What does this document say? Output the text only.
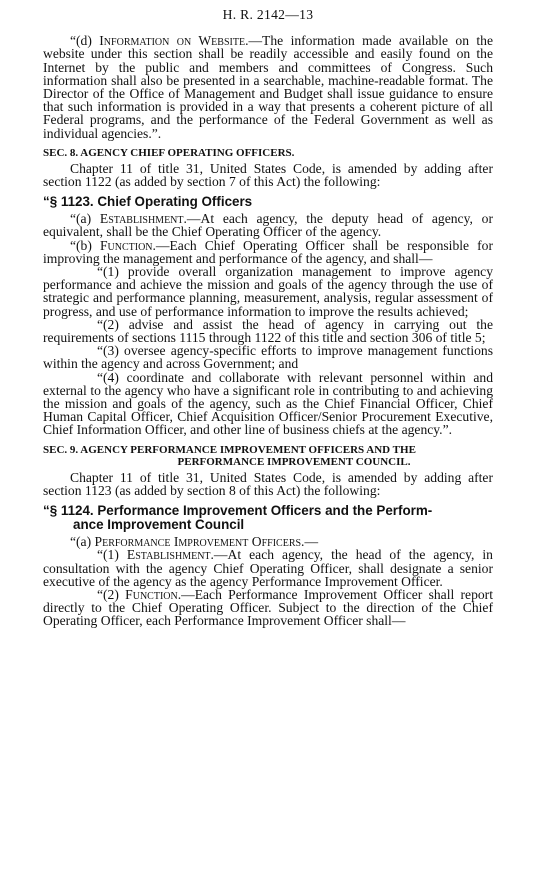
H. R. 2142—13

“(d) Information on Website.—The information made available on the website under this section shall be readily accessible and easily found on the Internet by the public and members and committees of Congress. Such information shall also be presented in a searchable, machine-readable format. The Director of the Office of Management and Budget shall issue guidance to ensure that such information is provided in a way that presents a coherent picture of all Federal programs, and the performance of the Federal Government as well as individual agencies.”.

SEC. 8. AGENCY CHIEF OPERATING OFFICERS.

Chapter 11 of title 31, United States Code, is amended by adding after section 1122 (as added by section 7 of this Act) the following:

“§ 1123. Chief Operating Officers

“(a) Establishment.—At each agency, the deputy head of agency, or equivalent, shall be the Chief Operating Officer of the agency.

“(b) Function.—Each Chief Operating Officer shall be responsible for improving the management and performance of the agency, and shall—

“(1) provide overall organization management to improve agency performance and achieve the mission and goals of the agency through the use of strategic and performance planning, measurement, analysis, regular assessment of progress, and use of performance information to improve the results achieved;

“(2) advise and assist the head of agency in carrying out the requirements of sections 1115 through 1122 of this title and section 306 of title 5;

“(3) oversee agency-specific efforts to improve management functions within the agency and across Government; and

“(4) coordinate and collaborate with relevant personnel within and external to the agency who have a significant role in contributing to and achieving the mission and goals of the agency, such as the Chief Financial Officer, Chief Human Capital Officer, Chief Acquisition Officer/Senior Procurement Executive, Chief Information Officer, and other line of business chiefs at the agency.”.

SEC. 9. AGENCY PERFORMANCE IMPROVEMENT OFFICERS AND THE
PERFORMANCE IMPROVEMENT COUNCIL.

Chapter 11 of title 31, United States Code, is amended by adding after section 1123 (as added by section 8 of this Act) the following:

“§ 1124. Performance Improvement Officers and the Perform-
ance Improvement Council

“(a) Performance Improvement Officers.—

“(1) Establishment.—At each agency, the head of the agency, in consultation with the agency Chief Operating Officer, shall designate a senior executive of the agency as the agency Performance Improvement Officer.

“(2) Function.—Each Performance Improvement Officer shall report directly to the Chief Operating Officer. Subject to the direction of the Chief Operating Officer, each Performance Improvement Officer shall—
